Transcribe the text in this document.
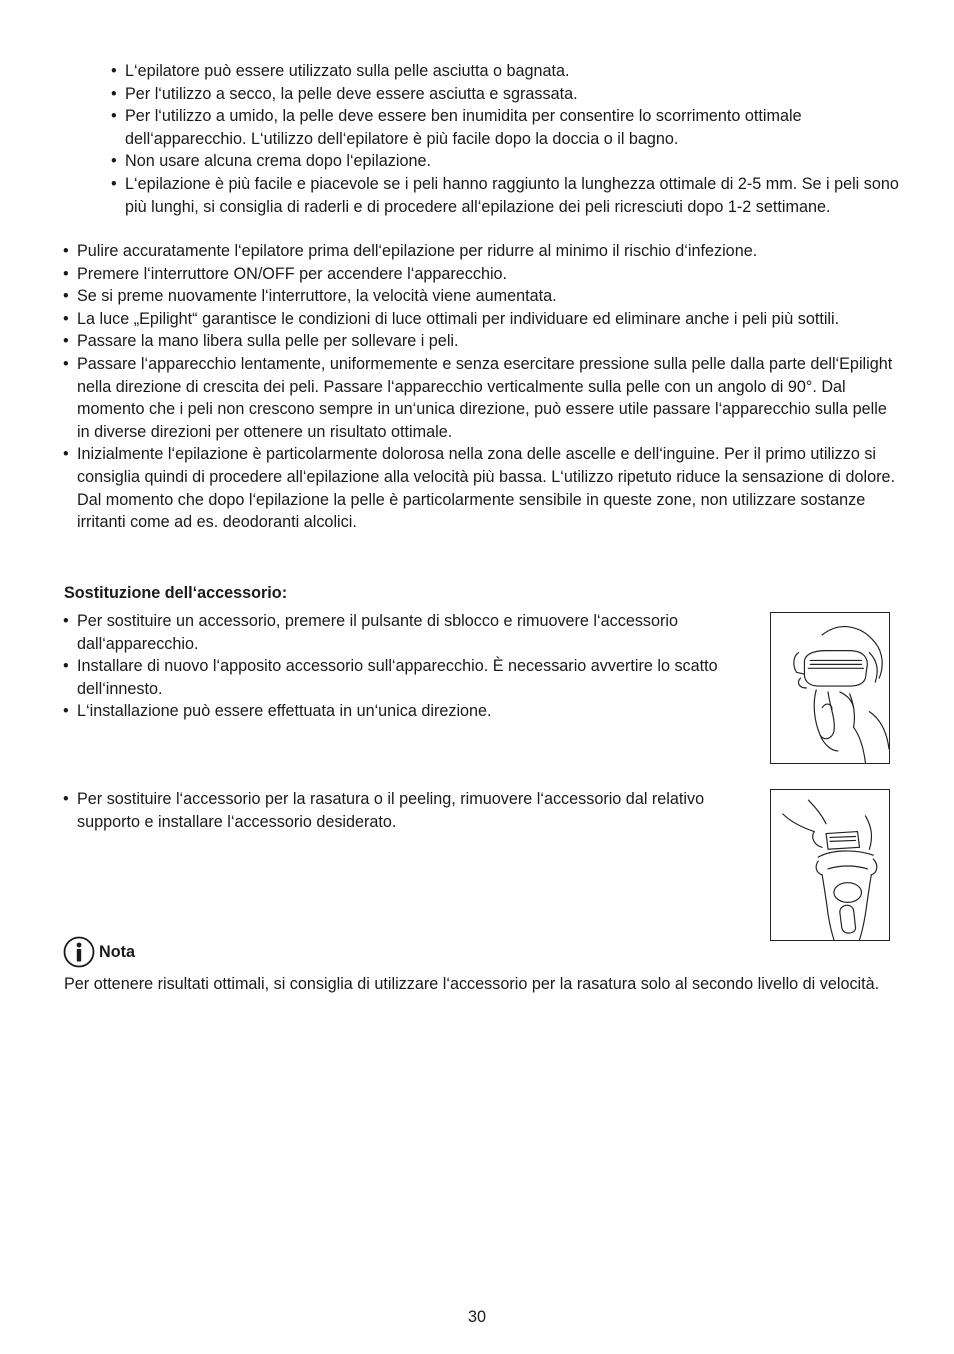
• L‘epilatore può essere utilizzato sulla pelle asciutta o bagnata.
• Per l‘utilizzo a secco, la pelle deve essere asciutta e sgrassata.
• Per l‘utilizzo a umido, la pelle deve essere ben inumidita per consentire lo scorrimento ottimale dell‘apparecchio. L‘utilizzo dell‘epilatore è più facile dopo la doccia o il bagno.
• Non usare alcuna crema dopo l‘epilazione.
• L‘epilazione è più facile e piacevole se i peli hanno raggiunto la lunghezza ottimale di 2-5 mm. Se i peli sono più lunghi, si consiglia di raderli e di procedere all‘epilazione dei peli ricresciuti dopo 1-2 settimane.
• Pulire accuratamente l‘epilatore prima dell‘epilazione per ridurre al minimo il rischio d‘infezione.
• Premere l‘interruttore ON/OFF per accendere l‘apparecchio.
• Se si preme nuovamente l‘interruttore, la velocità viene aumentata.
• La luce „Epilight“ garantisce le condizioni di luce ottimali per individuare ed eliminare anche i peli più sottili.
• Passare la mano libera sulla pelle per sollevare i peli.
• Passare l‘apparecchio lentamente, uniformemente e senza esercitare pressione sulla pelle dalla parte dell‘Epilight nella direzione di crescita dei peli. Passare l‘apparecchio verticalmente sulla pelle con un angolo di 90°. Dal momento che i peli non crescono sempre in un‘unica direzione, può essere utile passare l‘apparecchio sulla pelle in diverse direzioni per ottenere un risultato ottimale.
• Inizialmente l‘epilazione è particolarmente dolorosa nella zona delle ascelle e dell‘inguine. Per il primo utilizzo si consiglia quindi di procedere all‘epilazione alla velocità più bassa. L‘utilizzo ripetuto riduce la sensazione di dolore. Dal momento che dopo l‘epilazione la pelle è particolarmente sensibile in queste zone, non utilizzare sostanze irritanti come ad es. deodoranti alcolici.
Sostituzione dell‘accessorio:
• Per sostituire un accessorio, premere il pulsante di sblocco e rimuovere l‘accessorio dall‘apparecchio.
• Installare di nuovo l‘apposito accessorio sull‘apparecchio. È necessario avvertire lo scatto dell‘innesto.
• L‘installazione può essere effettuata in un‘unica direzione.
• Per sostituire l‘accessorio per la rasatura o il peeling, rimuovere l‘accessorio dal relativo supporto e installare l‘accessorio desiderato.
Nota
Per ottenere risultati ottimali, si consiglia di utilizzare l‘accessorio per la rasatura solo al secondo livello di velocità.
30
